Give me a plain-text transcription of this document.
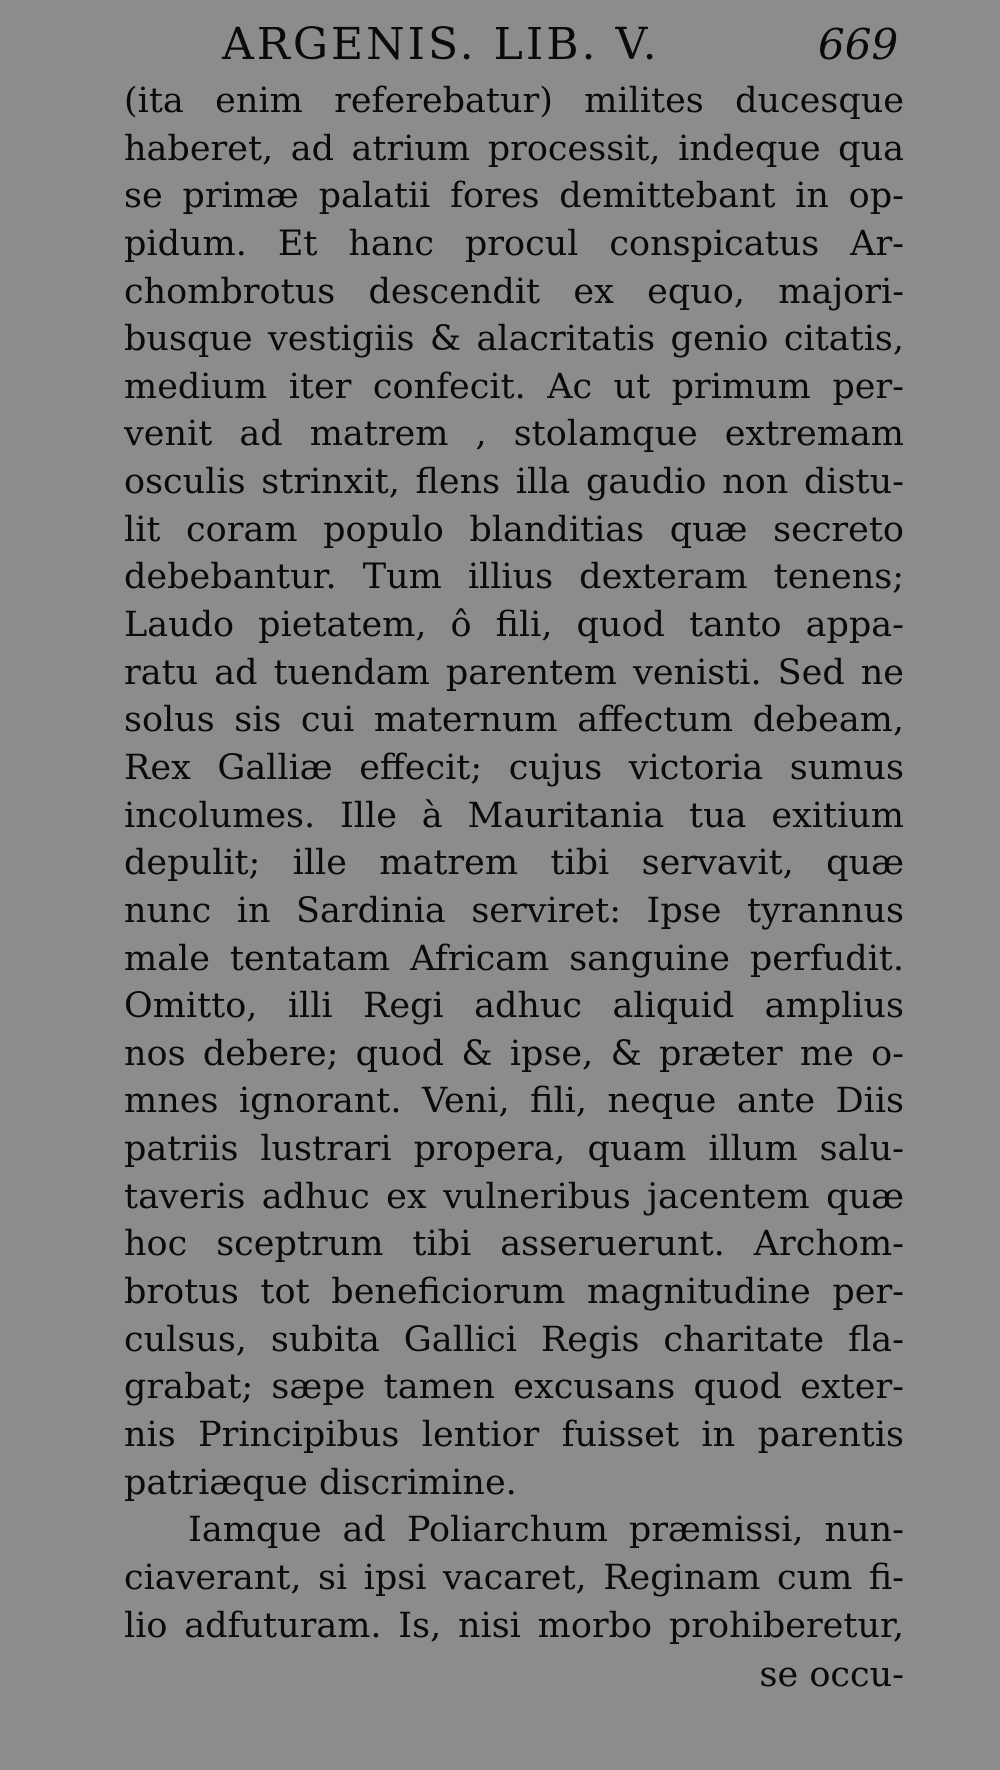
ARGENIS. LIB. V.	669
(ita enim referebatur) milites ducesque
haberet, ad atrium processit, indeque qua
se primæ palatii fores demittebant in op-
pidum. Et hanc procul conspicatus Ar-
chombrotus descendit ex equo, majori-
busque vestigiis & alacritatis genio citatis,
medium iter confecit. Ac ut primum per-
venit ad matrem , stolamque extremam
osculis strinxit, flens illa gaudio non distu-
lit coram populo blanditias quæ secreto
debebantur. Tum illius dexteram tenens;
Laudo pietatem, ô fili, quod tanto appa-
ratu ad tuendam parentem venisti. Sed ne
solus sis cui maternum affectum debeam,
Rex Galliæ effecit; cujus victoria sumus
incolumes. Ille à Mauritania tua exitium
depulit; ille matrem tibi servavit, quæ
nunc in Sardinia serviret: Ipse tyrannus
male tentatam Africam sanguine perfudit.
Omitto, illi Regi adhuc aliquid amplius
nos debere; quod & ipse, & præter me o-
mnes ignorant. Veni, fili, neque ante Diis
patriis lustrari propera, quam illum salu-
taveris adhuc ex vulneribus jacentem quæ
hoc sceptrum tibi asseruerunt. Archom-
brotus tot beneficiorum magnitudine per-
culsus, subita Gallici Regis charitate fla-
grabat; sæpe tamen excusans quod exter-
nis Principibus lentior fuisset in parentis
patriæque discrimine.
Iamque ad Poliarchum præmissi, nun-
ciaverant, si ipsi vacaret, Reginam cum fi-
lio adfuturam. Is, nisi morbo prohiberetur,
se occu-
